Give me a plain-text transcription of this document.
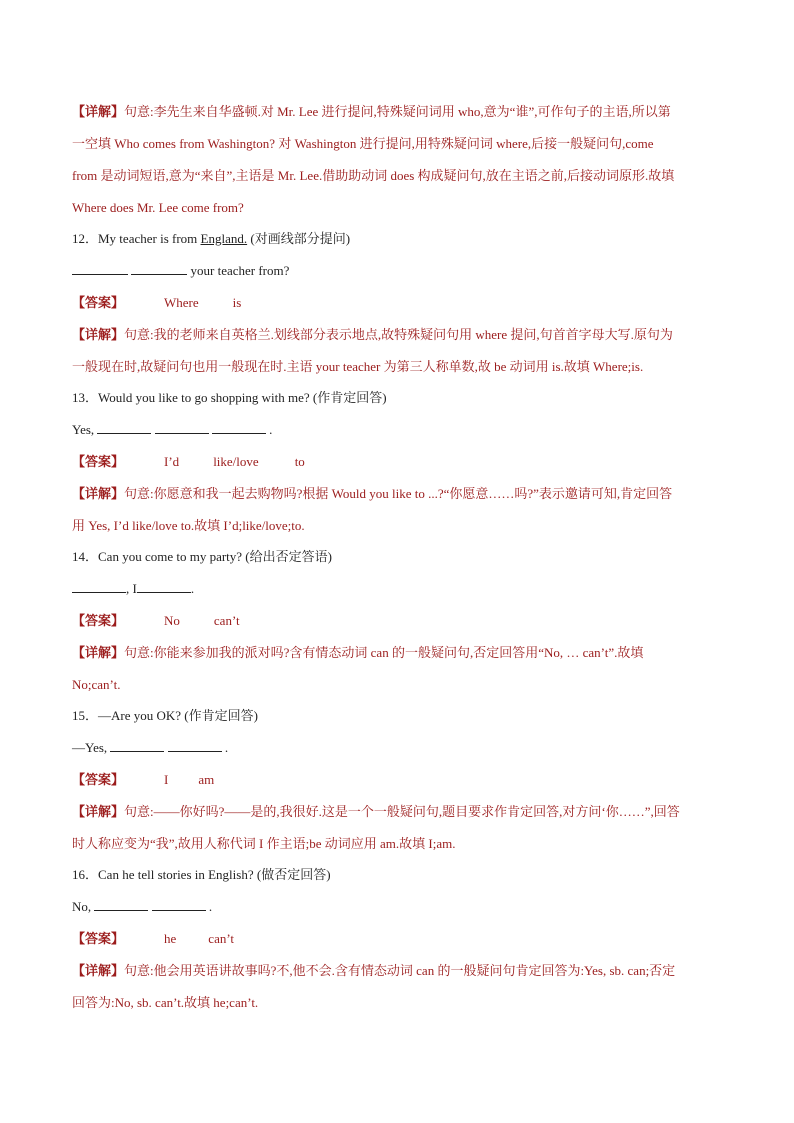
【详解】句意:李先生来自华盛顿.对 Mr. Lee 进行提问,特殊疑问词用 who,意为“谁”,可作句子的主语,所以第
一空填 Who comes from Washington? 对 Washington 进行提问,用特殊疑问词 where,后接一般疑问句,come
from 是动词短语,意为“来自”,主语是 Mr. Lee.借助助动词 does 构成疑问句,放在主语之前,后接动词原形.故填
Where does Mr. Lee come from?
12．My teacher is from England. (对画线部分提问)
your teacher from?
【答案】	Where	is
【详解】句意:我的老师来自英格兰.划线部分表示地点,故特殊疑问句用 where 提问,句首首字母大写.原句为
一般现在时,故疑问句也用一般现在时.主语 your teacher 为第三人称单数,故 be 动词用 is.故填 Where;is.
13．Would you like to go shopping with me? (作肯定回答)
Yes,	.
【答案】	I’d	like/love	to
【详解】句意:你愿意和我一起去购物吗?根据 Would you like to ...?“你愿意……吗?”表示邀请可知,肯定回答
用 Yes, I’d like/love to.故填 I’d;like/love;to.
14．Can you come to my party? (给出否定答语)
, I	.
【答案】	No	can’t
【详解】句意:你能来参加我的派对吗?含有情态动词 can 的一般疑问句,否定回答用“No, … can’t”.故填
No;can’t.
15．—Are you OK? (作肯定回答)
—Yes,	.
【答案】	I am
【详解】句意:——你好吗?——是的,我很好.这是一个一般疑问句,题目要求作肯定回答,对方问‘你……”,回答
时人称应变为“我”,故用人称代词 I 作主语;be 动词应用 am.故填 I;am.
16．Can he tell stories in English? (做否定回答)
No,	.
【答案】	he can’t
【详解】句意:他会用英语讲故事吗?不,他不会.含有情态动词 can 的一般疑问句肯定回答为:Yes, sb. can;否定
回答为:No, sb. can’t.故填 he;can’t.
